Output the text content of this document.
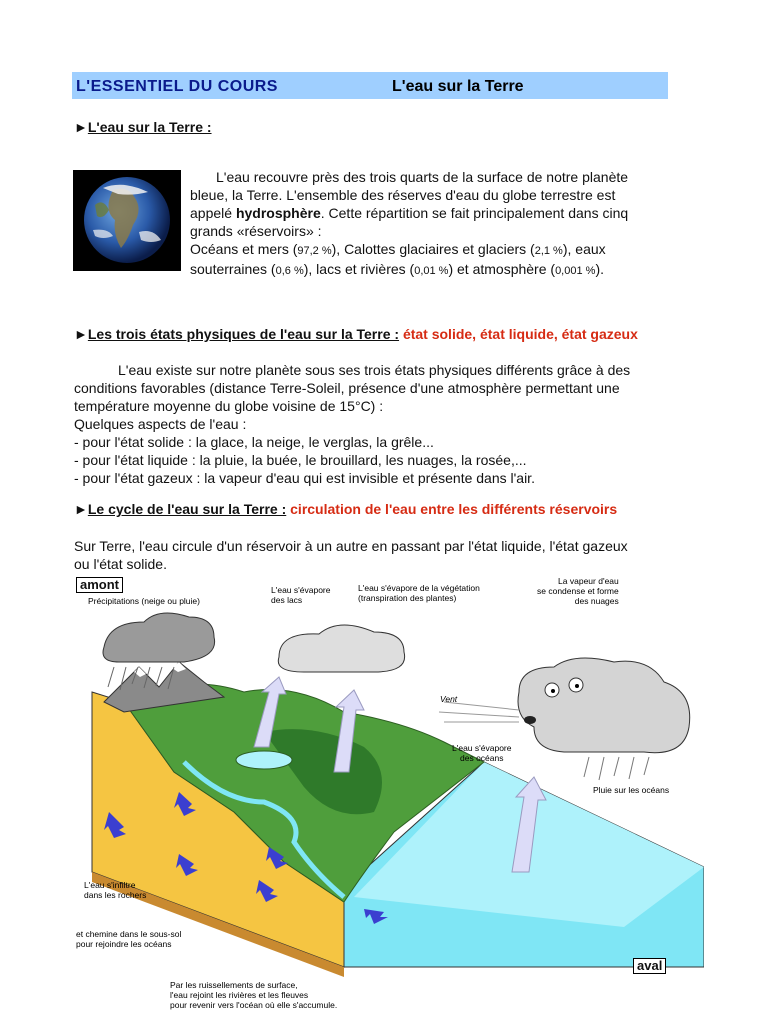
L'ESSENTIEL DU COURS	L'eau sur la Terre
►L'eau sur la Terre :
L'eau recouvre près des trois quarts de la surface de notre planète
bleue, la Terre. L'ensemble des réserves d'eau du globe terrestre est
appelé hydrosphère. Cette répartition se fait principalement dans cinq
grands «réservoirs» :
Océans et mers (97,2 %), Calottes glaciaires et glaciers (2,1 %), eaux
souterraines (0,6 %), lacs et rivières (0,01 %) et atmosphère (0,001 %).
►Les trois états physiques de l'eau sur la Terre : état solide, état liquide, état gazeux
L'eau existe sur notre planète sous ses trois états physiques différents grâce à des
conditions favorables (distance Terre-Soleil, présence d'une atmosphère permettant une
température moyenne du globe voisine de 15°C) :
Quelques aspects de l'eau :
- pour l'état solide : la glace, la neige, le verglas, la grêle...
- pour l'état liquide : la pluie, la buée, le brouillard, les nuages, la rosée,...
- pour l'état gazeux : la vapeur d'eau qui est invisible et présente dans l'air.
►Le cycle de l'eau sur la Terre : circulation de l'eau entre les différents réservoirs
Sur Terre, l'eau circule d'un réservoir à un autre en passant par l'état liquide, l'état gazeux
ou l'état solide.
amont
aval
Précipitations (neige ou pluie)
L'eau s'évapore
des lacs
L'eau s'évapore de la végétation
(transpiration des plantes)
La vapeur d'eau
se condense et forme
des nuages
Vent
L'eau s'évapore
des océans
Pluie sur les océans
L'eau s'infiltre
dans les rochers
et chemine dans le sous-sol
pour rejoindre les océans
Par les ruissellements de surface,
l'eau rejoint les rivières et les fleuves
pour revenir vers l'océan où elle s'accumule.
